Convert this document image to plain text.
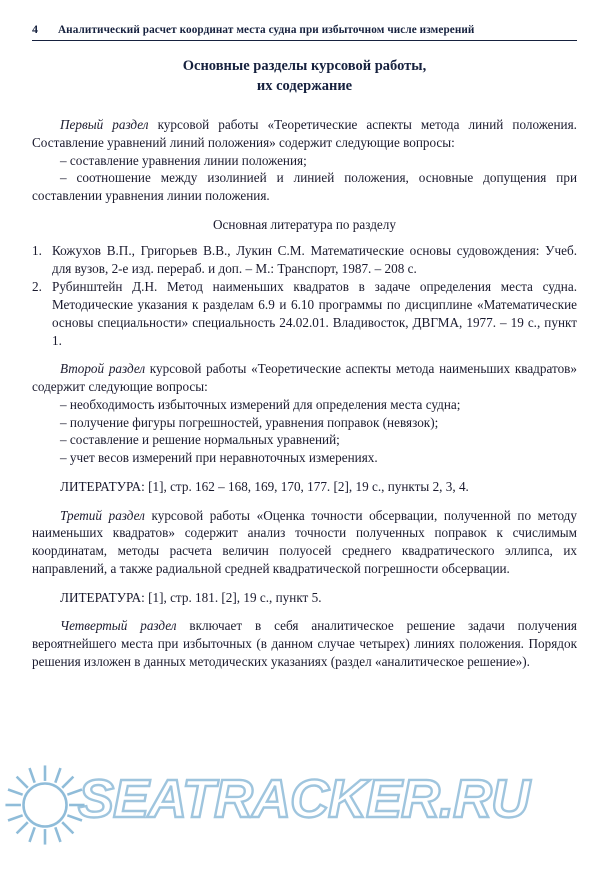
4	Аналитический расчет координат места судна при избыточном числе измерений
Основные разделы курсовой работы,
их содержание

Первый раздел курсовой работы «Теоретические аспекты метода линий положения. Составление уравнений линий положения» содержит следующие вопросы:

– составление уравнения линии положения;

– соотношение между изолинией и линией положения, основные допущения при составлении уравнения линии положения.

Основная литература по разделу
1. Кожухов В.П., Григорьев В.В., Лукин С.М. Математические основы судовождения: Учеб. для вузов, 2-е изд. перераб. и доп. – М.: Транспорт, 1987. – 208 с.
2. Рубинштейн Д.Н. Метод наименьших квадратов в задаче определения места судна. Методические указания к разделам 6.9 и 6.10 программы по дисциплине «Математические основы специальности» специальность 24.02.01. Владивосток, ДВГМА, 1977. – 19 с., пункт 1.

Второй раздел курсовой работы «Теоретические аспекты метода наименьших квадратов» содержит следующие вопросы:

– необходимость избыточных измерений для определения места судна;

– получение фигуры погрешностей, уравнения поправок (невязок);

– составление и решение нормальных уравнений;

– учет весов измерений при неравноточных измерениях.

ЛИТЕРАТУРА: [1], стр. 162 – 168, 169, 170, 177. [2], 19 с., пункты 2, 3, 4.

Третий раздел курсовой работы «Оценка точности обсервации, полученной по методу наименьших квадратов» содержит анализ точности полученных поправок к счислимым координатам, методы расчета величин полуосей среднего квадратического эллипса, их направлений, а также радиальной средней квадратической погрешности обсервации.

ЛИТЕРАТУРА: [1], стр. 181. [2], 19 с., пункт 5.

Четвертый раздел включает в себя аналитическое решение задачи получения вероятнейшего места при избыточных (в данном случае четырех) линиях положения. Порядок решения изложен в данных методических указаниях (раздел «аналитическое решение»).

SEATRACKER.RU
